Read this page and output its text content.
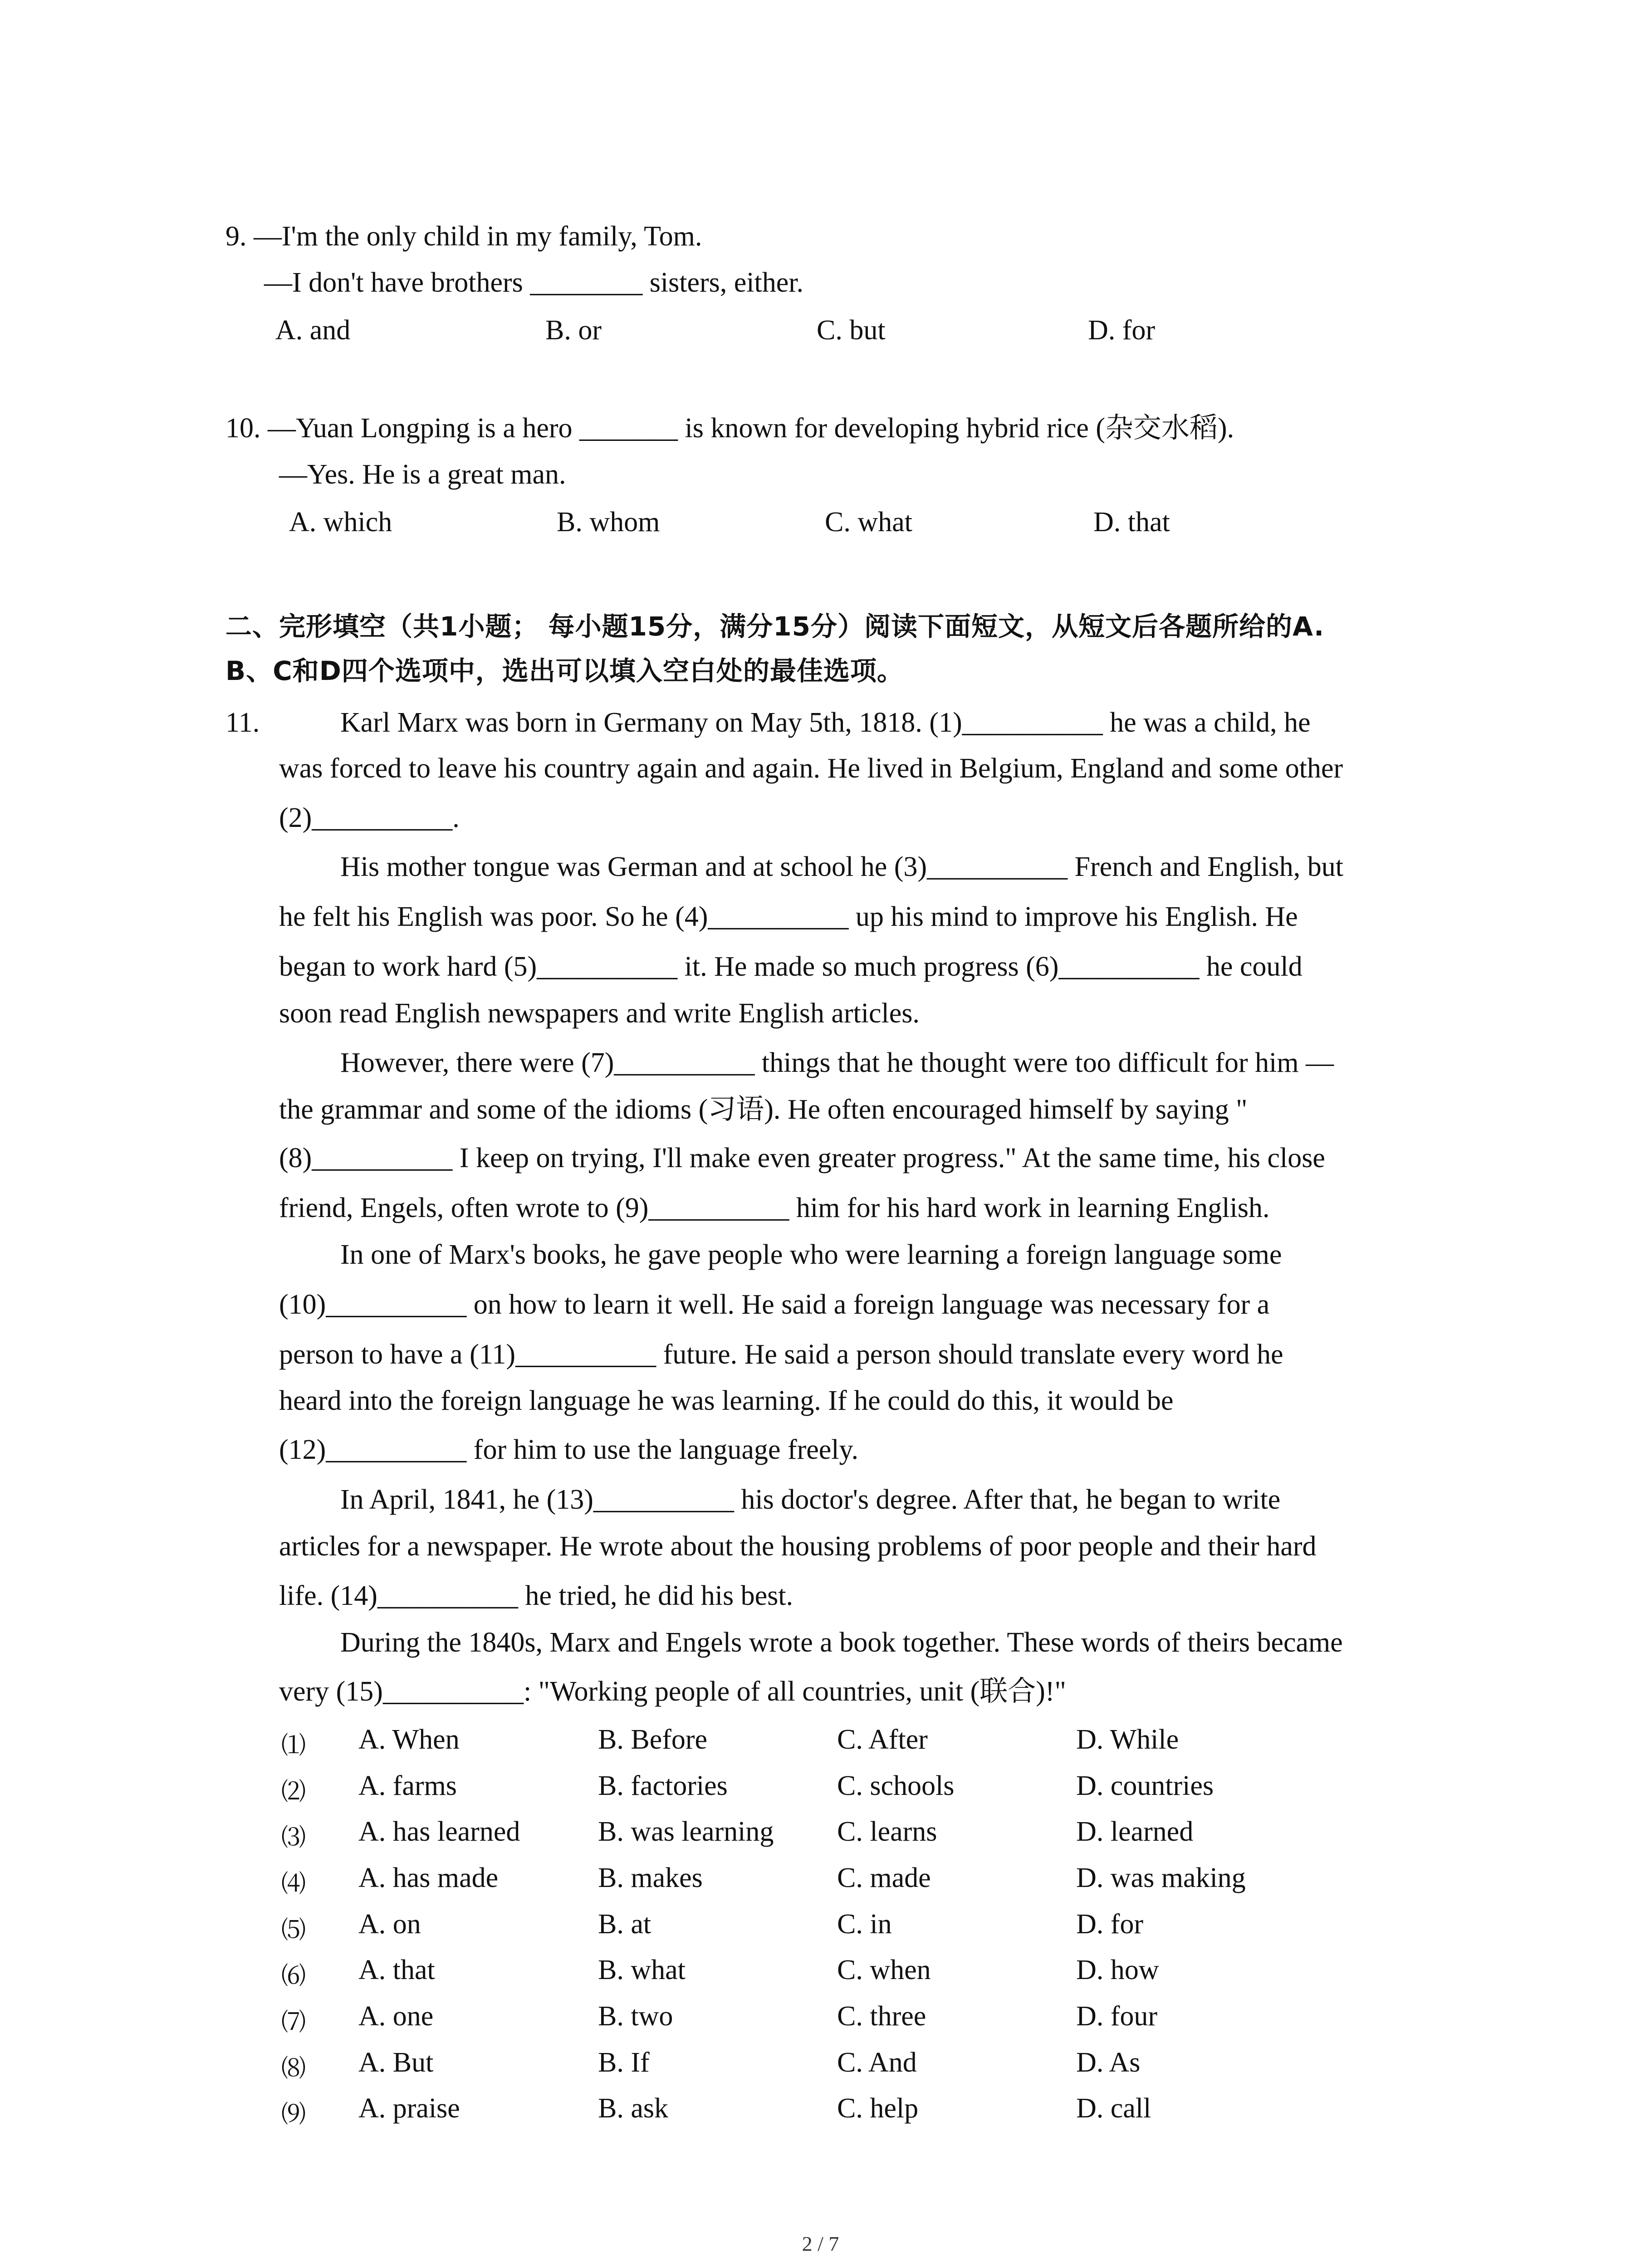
9. —I'm the only child in my family, Tom.
—I don't have brothers ________ sisters, either.
A. and	B. or	C. but	D. for
10. —Yuan Longping is a hero _______ is known for developing hybrid rice (杂交水稻).
—Yes. He is a great man.
A. which	B. whom	C. what	D. that
二、完形填空（共1小题； 每小题15分，满分15分）阅读下面短文，从短文后各题所给的A.
B、C和D四个选项中，选出可以填入空白处的最佳选项。
11.	Karl Marx was born in Germany on May 5th, 1818. (1)__________ he was a child, he
was forced to leave his country again and again. He lived in Belgium, England and some other
(2)__________.
His mother tongue was German and at school he (3)__________ French and English, but
he felt his English was poor. So he (4)__________ up his mind to improve his English. He
began to work hard (5)__________ it. He made so much progress (6)__________ he could
soon read English newspapers and write English articles.
However, there were (7)__________ things that he thought were too difficult for him —
the grammar and some of the idioms (习语). He often encouraged himself by saying "
(8)__________ I keep on trying, I'll make even greater progress." At the same time, his close
friend, Engels, often wrote to (9)__________ him for his hard work in learning English.
In one of Marx's books, he gave people who were learning a foreign language some
(10)__________ on how to learn it well. He said a foreign language was necessary for a
person to have a (11)__________ future. He said a person should translate every word he
heard into the foreign language he was learning. If he could do this, it would be
(12)__________ for him to use the language freely.
In April, 1841, he (13)__________ his doctor's degree. After that, he began to write
articles for a newspaper. He wrote about the housing problems of poor people and their hard
life. (14)__________ he tried, he did his best.
During the 1840s, Marx and Engels wrote a book together. These words of theirs became
very (15)__________: "Working people of all countries, unit (联合)!"
⑴ A. When	B. Before	C. After	D. While
⑵ A. farms	B. factories	C. schools	D. countries
⑶ A. has learned	B. was learning C. learns	D. learned
⑷ A. has made	B. makes	C. made	D. was making
⑸ A. on	B. at	C. in	D. for
⑹ A. that	B. what	C. when	D. how
⑺ A. one	B. two	C. three	D. four
⑻ A. But	B. If	C. And	D. As
⑼ A. praise	B. ask	C. help	D. call
2 / 7
